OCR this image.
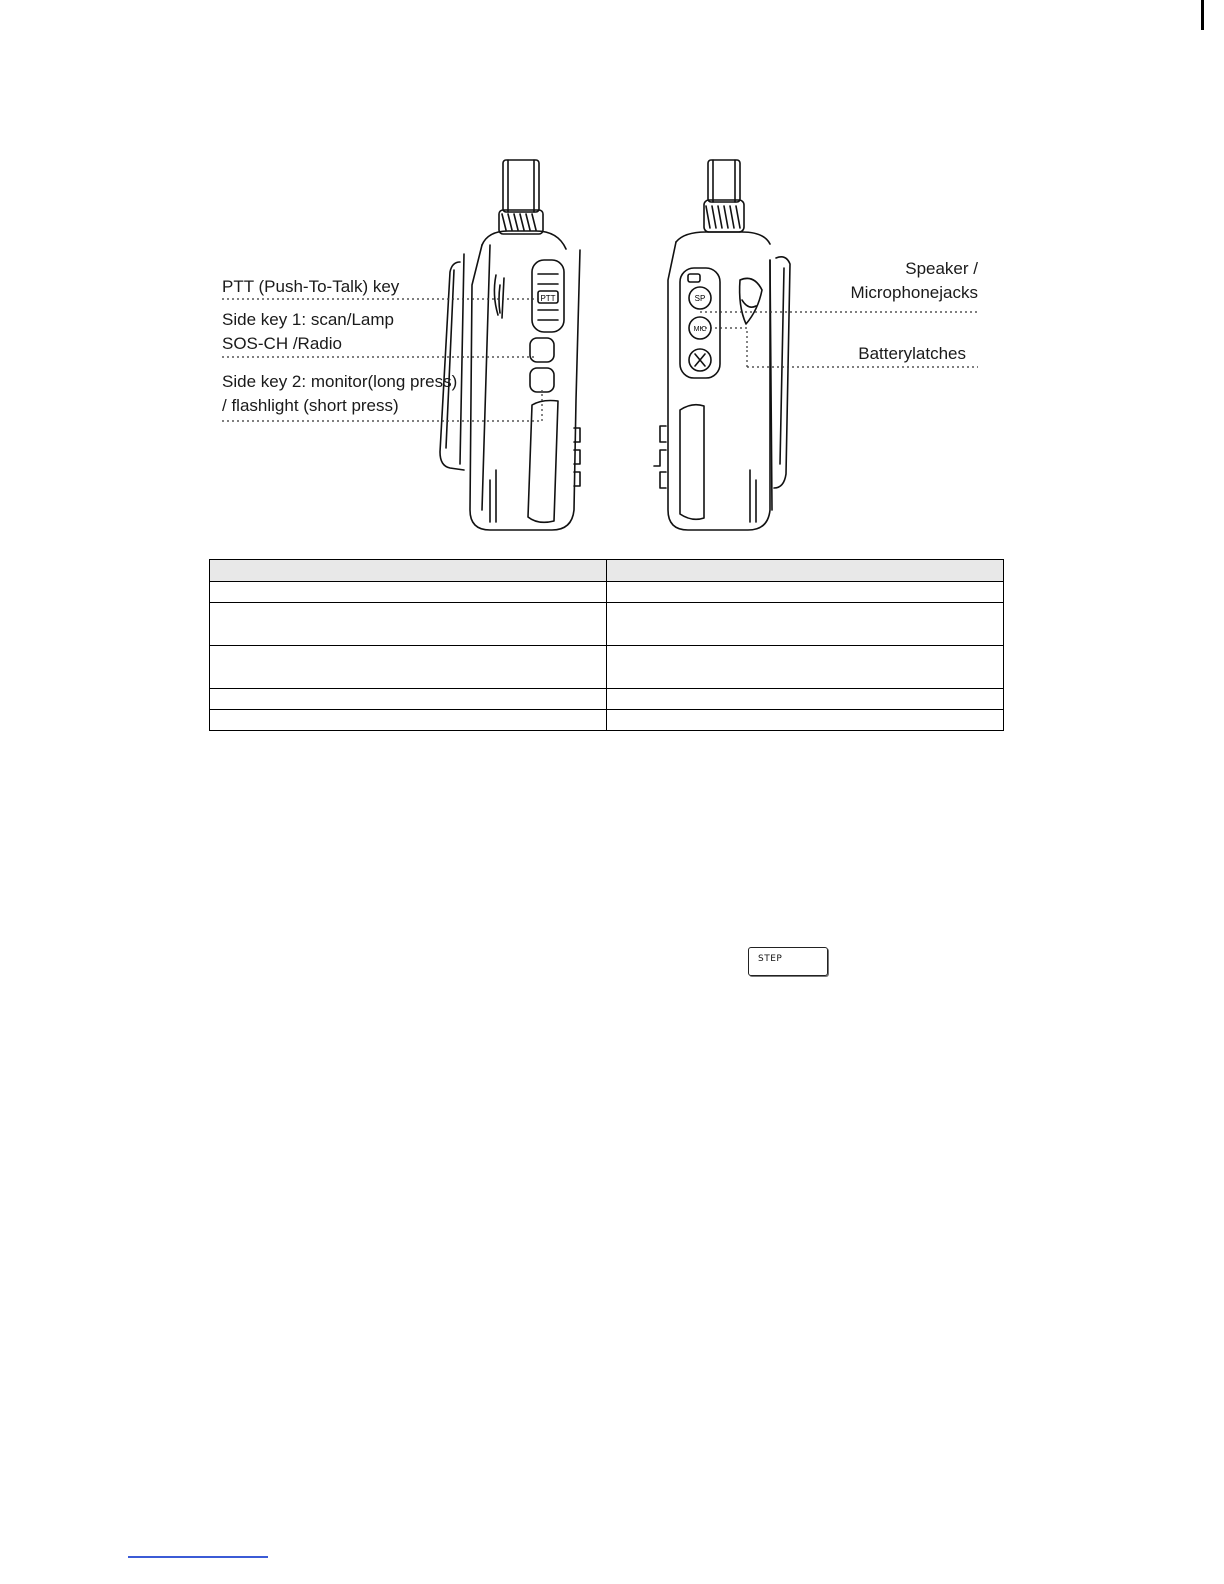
PTT	SP
MIC
PTT (Push-To-Talk) key
Side key 1: scan/Lamp
SOS-CH /Radio
Side key 2: monitor(long press)
/ flashlight (short press)
Speaker /
Microphonejacks
Batterylatches

STEP
